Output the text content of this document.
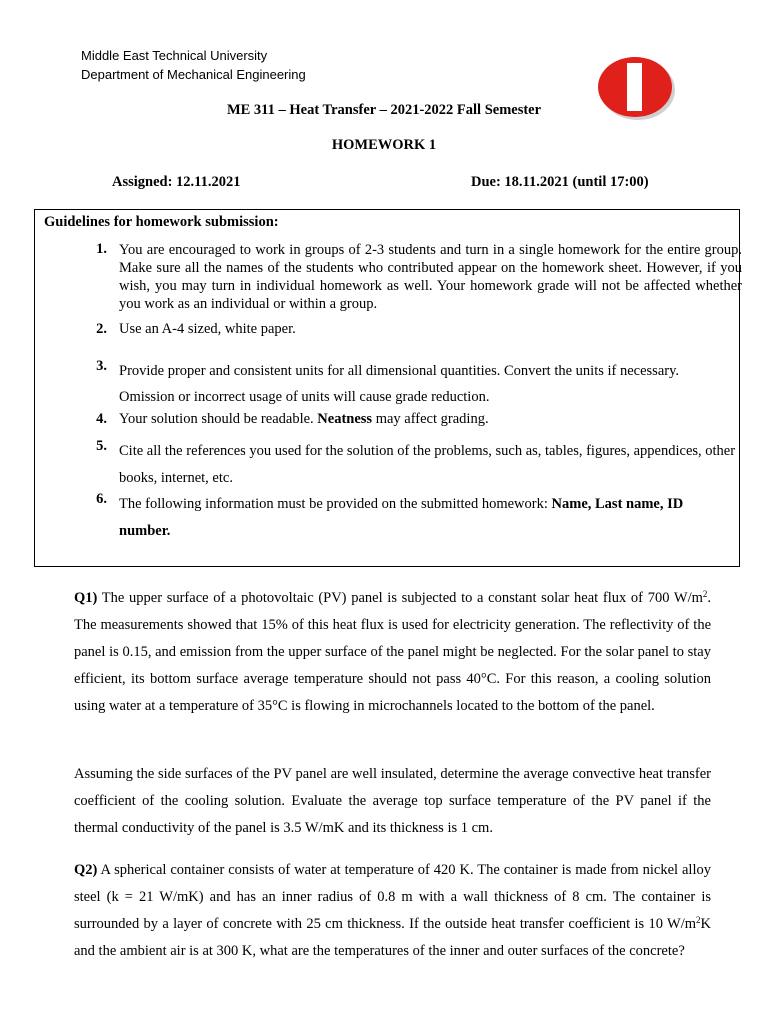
Middle East Technical University
Department of Mechanical Engineering
ME 311 – Heat Transfer – 2021-2022 Fall Semester
HOMEWORK 1
Assigned: 12.11.2021	Due: 18.11.2021 (until 17:00)
Guidelines for homework submission:
1. You are encouraged to work in groups of 2-3 students and turn in a single homework for the entire group. Make sure all the names of the students who contributed appear on the homework sheet. However, if you wish, you may turn in individual homework as well. Your homework grade will not be affected whether you work as an individual or within a group.
2. Use an A-4 sized, white paper.
3. Provide proper and consistent units for all dimensional quantities. Convert the units if necessary.
Omission or incorrect usage of units will cause grade reduction.
4. Your solution should be readable. Neatness may affect grading.
5. Cite all the references you used for the solution of the problems, such as, tables, figures, appendices, other
books, internet, etc.
6. The following information must be provided on the submitted homework: Name, Last name, ID number.
Q1) The upper surface of a photovoltaic (PV) panel is subjected to a constant solar heat flux of 700 $W/m^2$. The measurements showed that 15% of this heat flux is used for electricity generation. The reflectivity of the panel is 0.15, and emission from the upper surface of the panel might be neglected. For the solar panel to stay efficient, its bottom surface average temperature should not pass 40°C. For this reason, a cooling solution using water at a temperature of 35°C is flowing in microchannels located to the bottom of the panel.
Assuming the side surfaces of the PV panel are well insulated, determine the average convective heat transfer coefficient of the cooling solution. Evaluate the average top surface temperature of the PV panel if the thermal conductivity of the panel is 3.5 W/mK and its thickness is 1 cm.
Q2) A spherical container consists of water at temperature of 420 K. The container is made from nickel alloy steel (k = 21 W/mK) and has an inner radius of 0.8 m with a wall thickness of 8 cm. The container is surrounded by a layer of concrete with 25 cm thickness. If the outside heat transfer coefficient is 10 $W/m^2K$ and the ambient air is at 300 K, what are the temperatures of the inner and outer surfaces of the concrete?
